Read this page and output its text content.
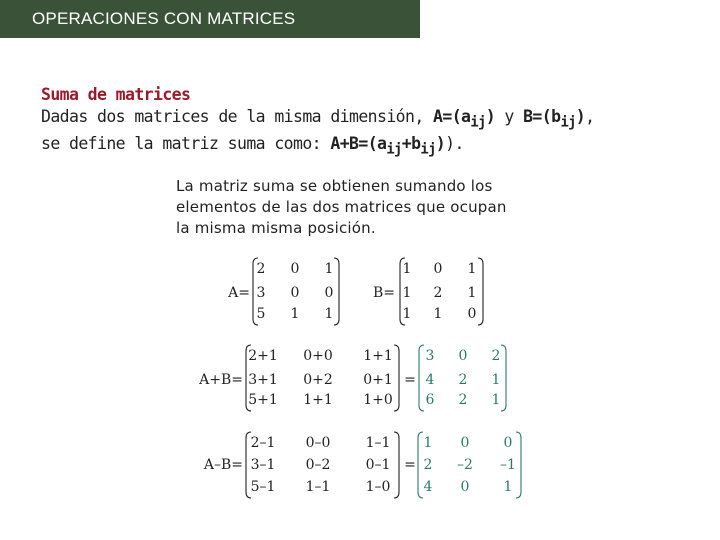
OPERACIONES CON MATRICES
Suma de matrices
Dadas dos matrices de la misma dimensión, $A=(a_{ij})$ y $B=(b_{ij})$,
se define la matriz suma como: $A+B=(a_{ij}+b_{ij})$).
La matriz suma se obtienen sumando los
elementos de las dos matrices que ocupan
la misma misma posición.
A=
2 0 1
3 0 0
5 1 1
B=
1 0 1
1 2 1
1 1 0
A+B=
2+1 0+0 1+1
3+1 0+2 0+1
5+1 1+1 1+0
=
3 0 2
4 2 1
6 2 1
A–B=
2–1 0–0	1–1
3–1 0–2	0–1
5–1 1–1	1–0
=
1 0 0
2 –2 –1
4 0 1
